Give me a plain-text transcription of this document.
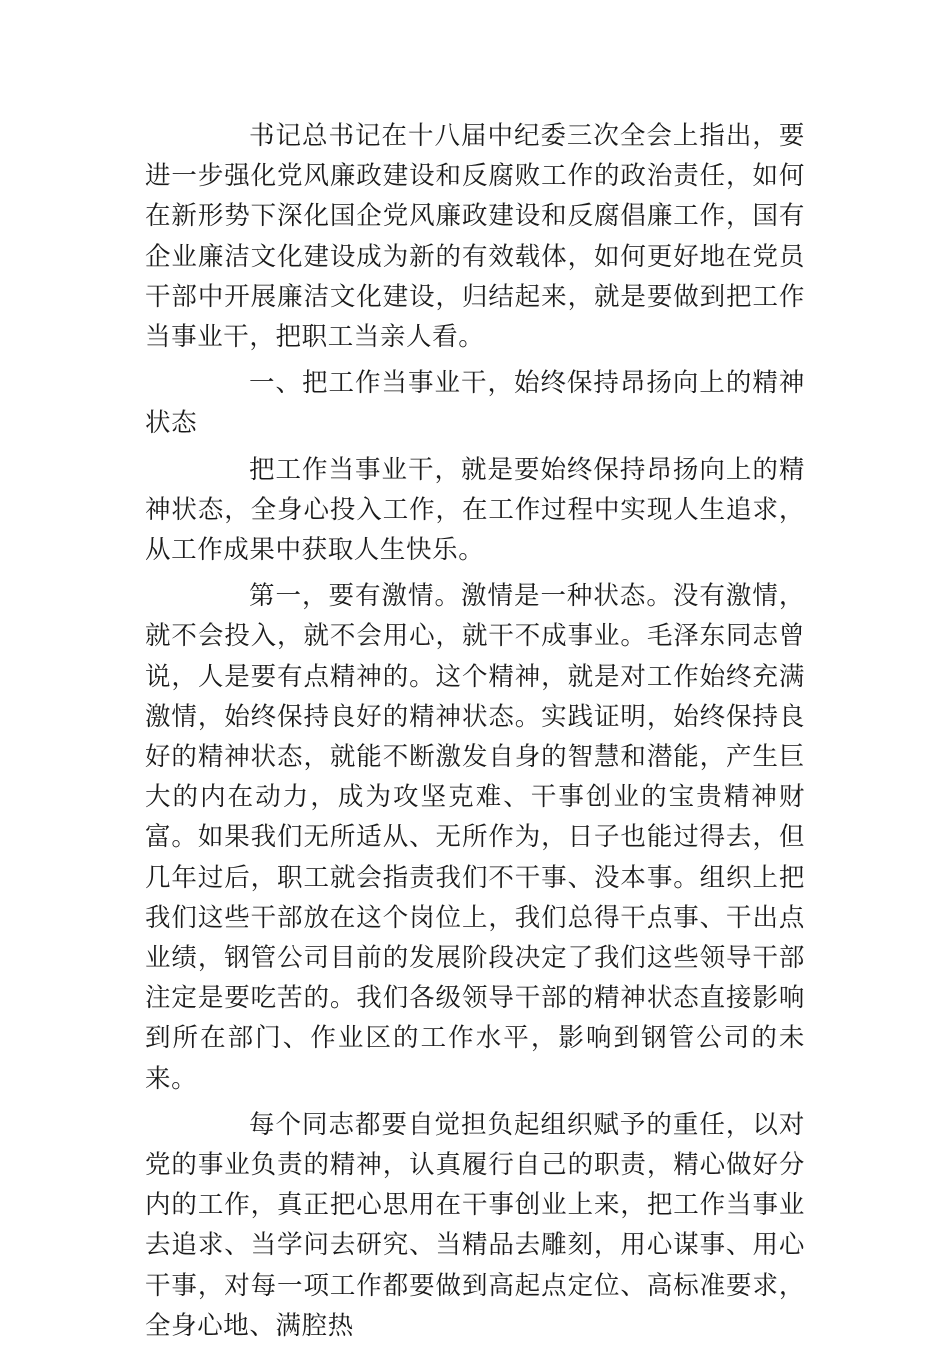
书记总书记在十八届中纪委三次全会上指出，要进一步强化党风廉政建设和反腐败工作的政治责任，如何在新形势下深化国企党风廉政建设和反腐倡廉工作，国有企业廉洁文化建设成为新的有效载体，如何更好地在党员干部中开展廉洁文化建设，归结起来，就是要做到把工作当事业干，把职工当亲人看。

一、把工作当事业干，始终保持昂扬向上的精神状态

把工作当事业干，就是要始终保持昂扬向上的精神状态，全身心投入工作，在工作过程中实现人生追求，从工作成果中获取人生快乐。

第一，要有激情。激情是一种状态。没有激情，就不会投入，就不会用心，就干不成事业。毛泽东同志曾说，人是要有点精神的。这个精神，就是对工作始终充满激情，始终保持良好的精神状态。实践证明，始终保持良好的精神状态，就能不断激发自身的智慧和潜能，产生巨大的内在动力，成为攻坚克难、干事创业的宝贵精神财富。如果我们无所适从、无所作为，日子也能过得去，但几年过后，职工就会指责我们不干事、没本事。组织上把我们这些干部放在这个岗位上，我们总得干点事、干出点业绩，钢管公司目前的发展阶段决定了我们这些领导干部注定是要吃苦的。我们各级领导干部的精神状态直接影响到所在部门、作业区的工作水平，影响到钢管公司的未来。

每个同志都要自觉担负起组织赋予的重任，以对党的事业负责的精神，认真履行自己的职责，精心做好分内的工作，真正把心思用在干事创业上来，把工作当事业去追求、当学问去研究、当精品去雕刻，用心谋事、用心干事，对每一项工作都要做到高起点定位、高标准要求，全身心地、满腔热
